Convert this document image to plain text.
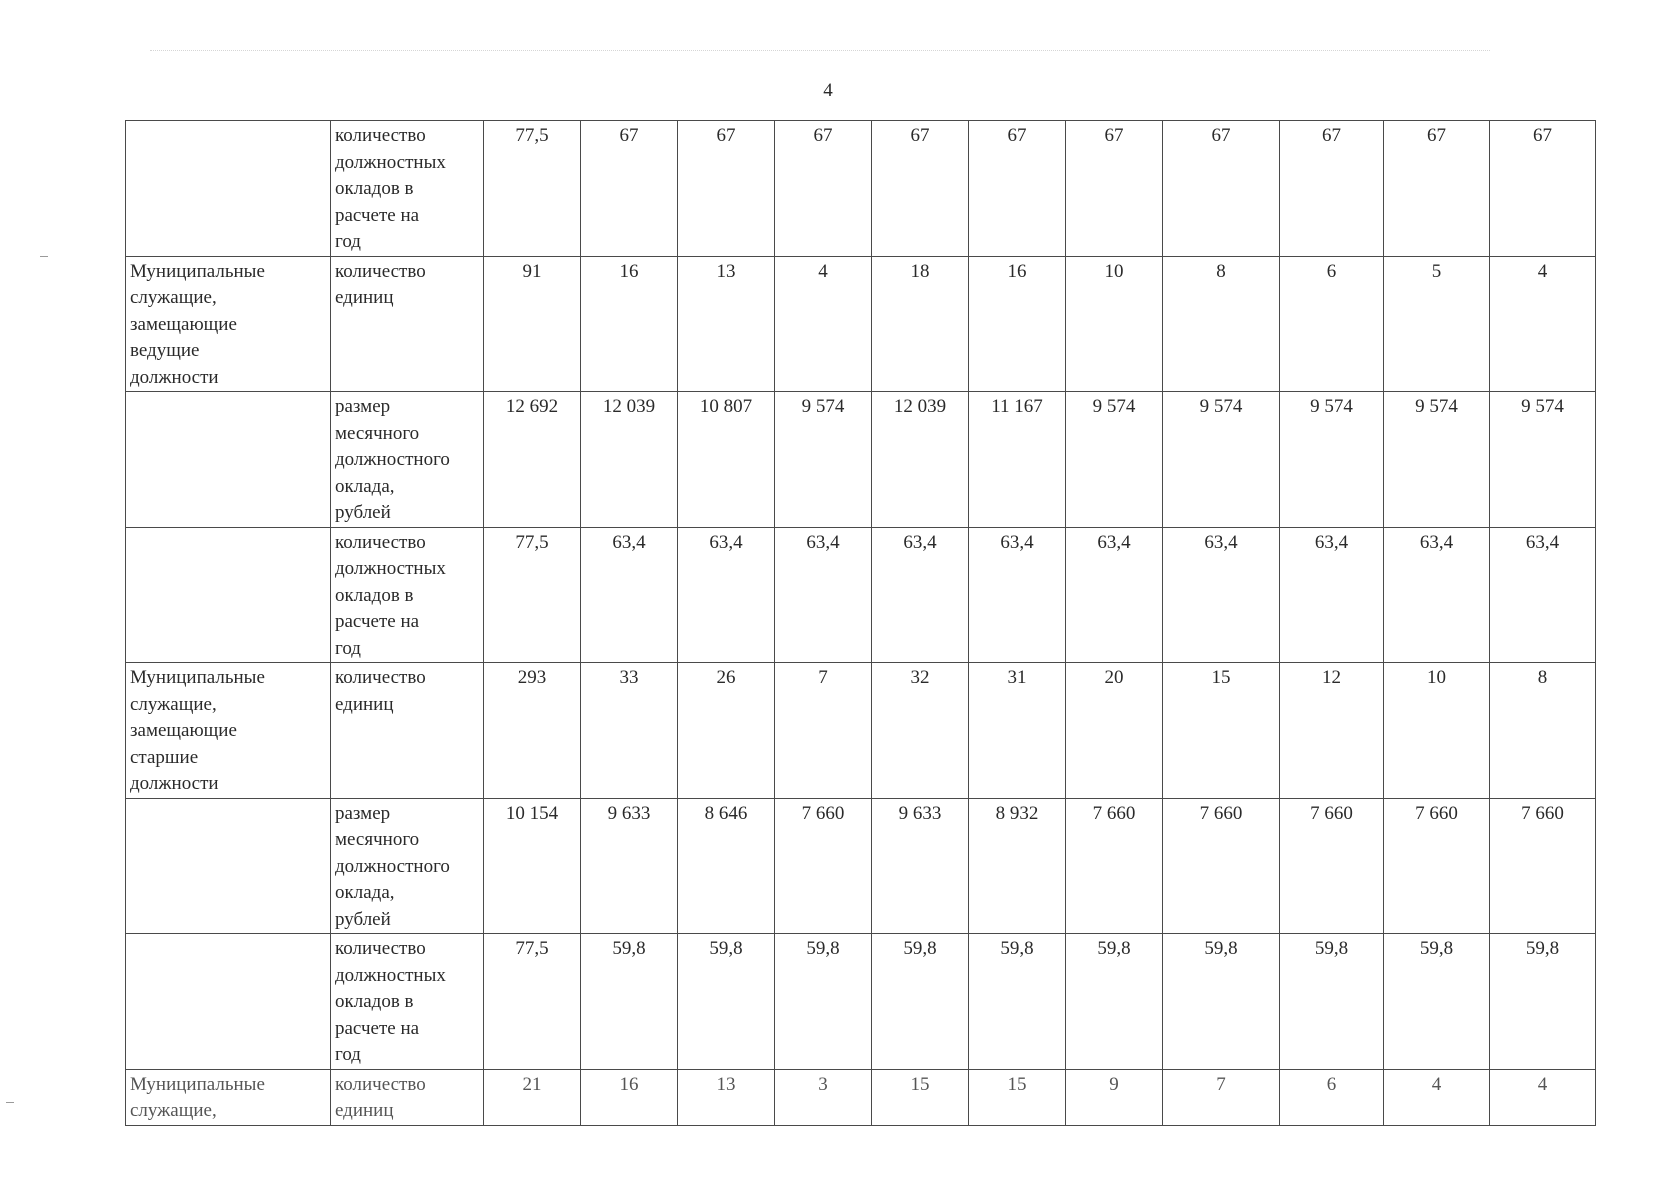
4
	количество
должностных
окладов в
расчете на
год	77,5	67	67	67	67	67	67	67	67	67	67
Муниципальные
служащие,
замещающие
ведущие
должности	количество
единиц	91	16	13	4	18	16	10	8	6	5	4
	размер
месячного
должностного
оклада,
рублей	12 692	12 039	10 807	9 574	12 039	11 167	9 574	9 574	9 574	9 574	9 574
	количество
должностных
окладов в
расчете на
год	77,5	63,4	63,4	63,4	63,4	63,4	63,4	63,4	63,4	63,4	63,4
Муниципальные
служащие,
замещающие
старшие
должности	количество
единиц	293	33	26	7	32	31	20	15	12	10	8
	размер
месячного
должностного
оклада,
рублей	10 154	9 633	8 646	7 660	9 633	8 932	7 660	7 660	7 660	7 660	7 660
	количество
должностных
окладов в
расчете на
год	77,5	59,8	59,8	59,8	59,8	59,8	59,8	59,8	59,8	59,8	59,8
Муниципальные
служащие,	количество
единиц	21	16	13	3	15	15	9	7	6	4	4
